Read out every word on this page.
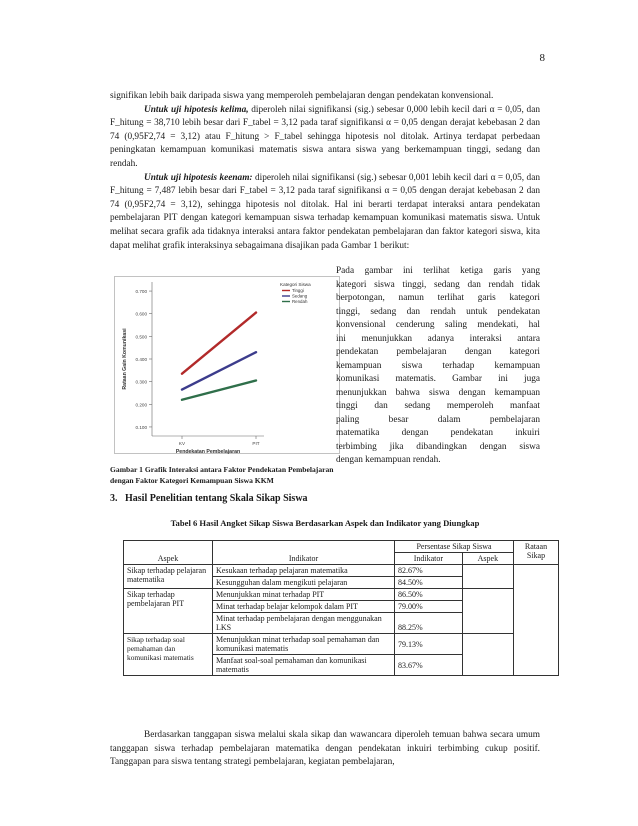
8

signifikan lebih baik daripada siswa yang memperoleh pembelajaran dengan pendekatan konvensional.

Untuk uji hipotesis kelima, diperoleh nilai signifikansi (sig.) sebesar 0,000 lebih kecil dari α = 0,05, dan F_hitung = 38,710 lebih besar dari F_tabel = 3,12 pada taraf signifikansi α = 0,05 dengan derajat kebebasan 2 dan 74 (0,95F2,74 = 3,12) atau F_hitung > F_tabel sehingga hipotesis nol ditolak. Artinya terdapat perbedaan peningkatan kemampuan komunikasi matematis siswa antara siswa yang berkemampuan tinggi, sedang dan rendah.

Untuk uji hipotesis keenam: diperoleh nilai signifikansi (sig.) sebesar 0,001 lebih kecil dari α = 0,05, dan F_hitung = 7,487 lebih besar dari F_tabel = 3,12 pada taraf signifikansi α = 0,05 dengan derajat kebebasan 2 dan 74 (0,95F2,74 = 3,12), sehingga hipotesis nol ditolak. Hal ini berarti terdapat interaksi antara pendekatan pembelajaran PIT dengan kategori kemampuan siswa terhadap kemampuan komunikasi matematis siswa. Untuk melihat secara grafik ada tidaknya interaksi antara faktor pendekatan pembelajaran dan faktor kategori siswa, kita dapat melihat grafik interaksinya sebagaimana disajikan pada Gambar 1 berikut:

0.100
0.200
0.300
0.400
0.500
0.600
0.700
KV	PIT
Rataan Gain Komunikasi
Pendekatan Pembelajaran
Kategori Siswa
Tinggi
Sedang
Rendah
Pada gambar ini terlihat ketiga garis yang
kategori siswa tinggi, sedang dan rendah tidak
berpotongan, namun terlihat garis kategori
tinggi, sedang dan rendah untuk pendekatan
konvensional cenderung saling mendekati, hal
ini menunjukkan adanya interaksi antara
pendekatan pembelajaran dengan kategori
kemampuan siswa terhadap kemampuan
komunikasi matematis. Gambar ini juga
menunjukkan bahwa siswa dengan kemampuan
tinggi dan sedang memperoleh manfaat
paling besar dalam pembelajaran
matematika dengan pendekatan inkuiri
terbimbing jika dibandingkan dengan siswa
dengan kemampuan rendah.
Gambar 1 Grafik Interaksi antara Faktor Pendekatan Pembelajaran dengan Faktor Kategori Kemampuan Siswa KKM
3.   Hasil Penelitian tentang Skala Sikap Siswa
Tabel 6 Hasil Angket Sikap Siswa Berdasarkan Aspek dan Indikator yang Diungkap
Aspek	Indikator	Persentase Sikap Siswa		Rataan Sikap
		Indikator	Aspek	
Sikap terhadap pelajaran matematika	Kesukaan terhadap pelajaran matematika	82.67%		
	Kesungguhan dalam mengikuti pelajaran	84.50%		
Sikap terhadap pembelajaran PIT	Menunjukkan minat terhadap PIT	86.50%		
	Minat terhadap belajar kelompok dalam PIT	79.00%		
	Minat terhadap pembelajaran dengan menggunakan LKS	88.25%		
Sikap terhadap soal pemahaman dan komunikasi matematis	Menunjukkan minat terhadap soal pemahaman dan komunikasi matematis	79.13%		
	Manfaat soal-soal pemahaman dan komunikasi matematis	83.67%		

Berdasarkan tanggapan siswa melalui skala sikap dan wawancara diperoleh temuan bahwa secara umum tanggapan siswa terhadap pembelajaran matematika dengan pendekatan inkuiri terbimbing cukup positif. Tanggapan para siswa tentang strategi pembelajaran, kegiatan pembelajaran,
